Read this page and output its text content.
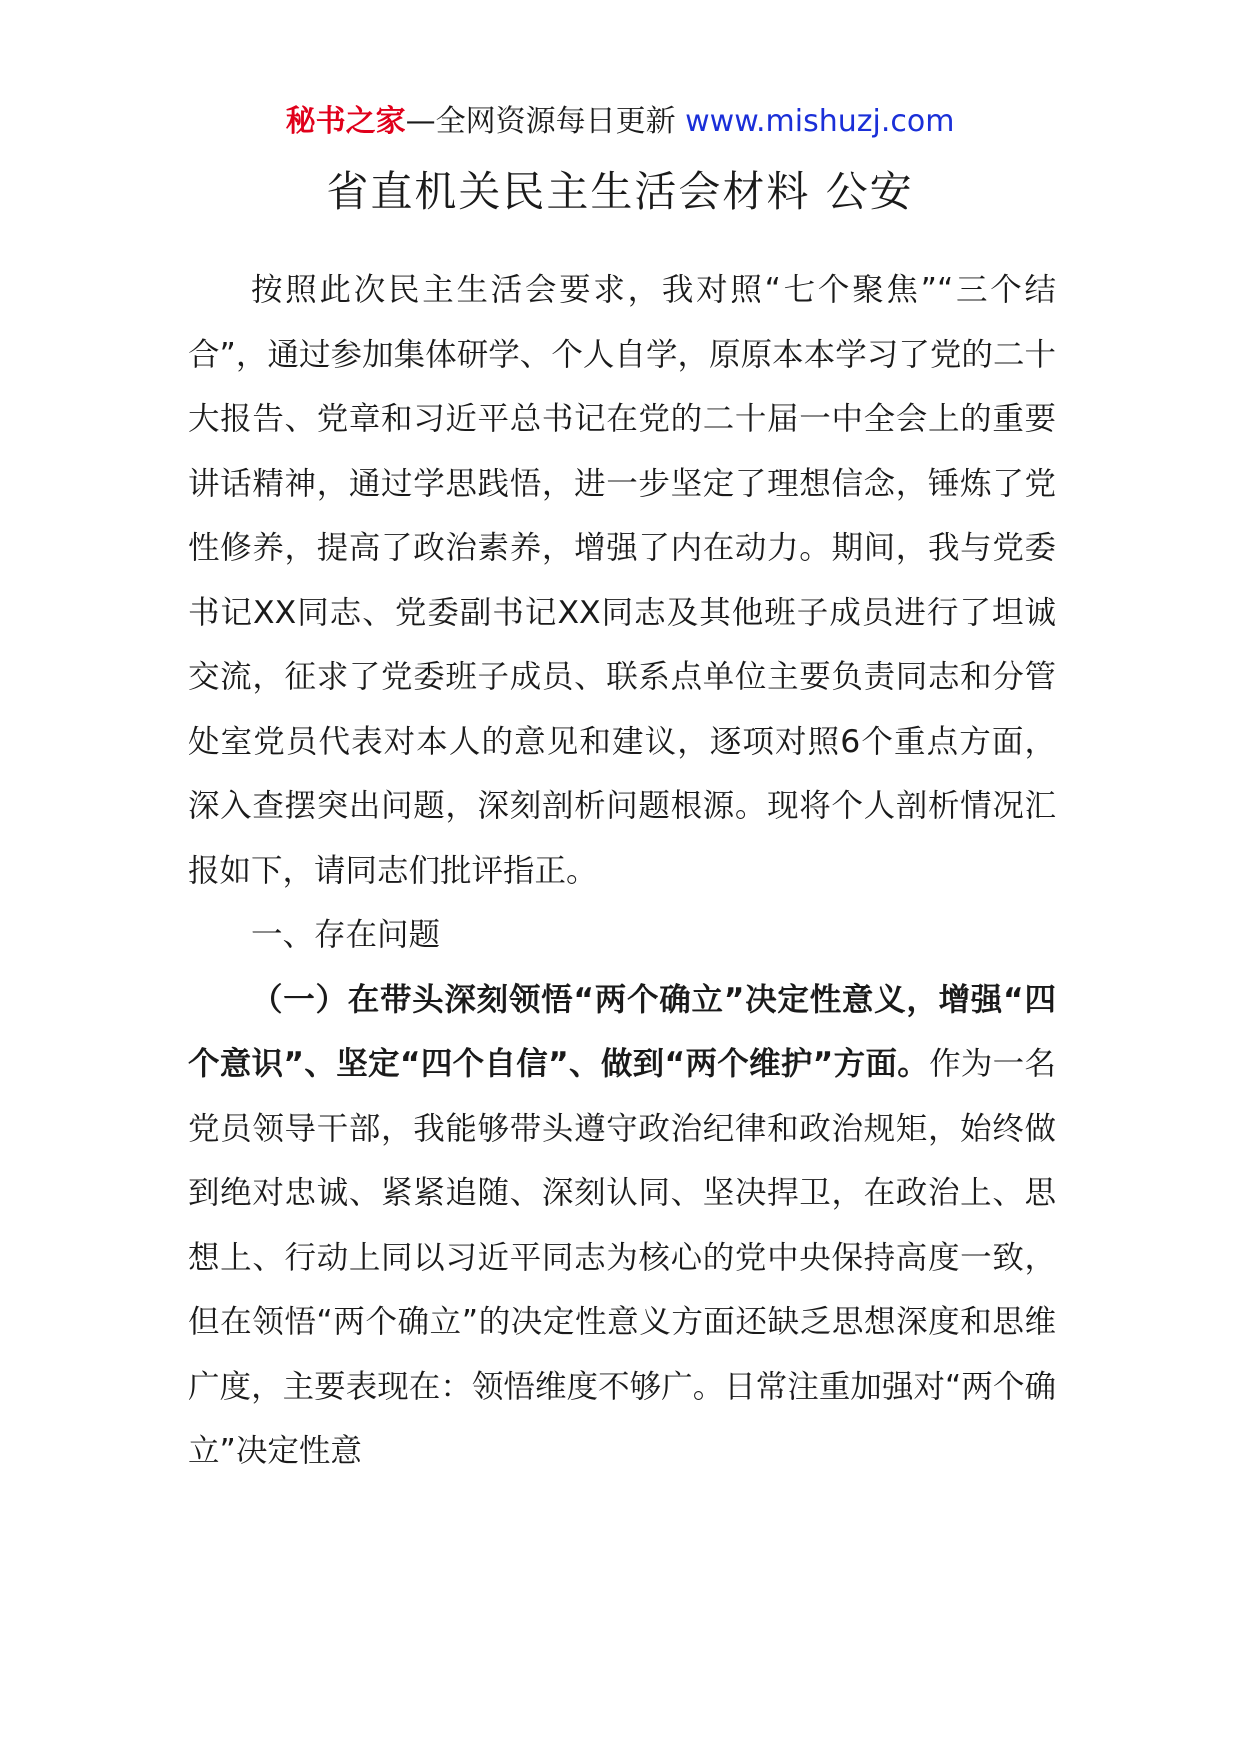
秘书之家—全网资源每日更新 www.mishuzj.com
省直机关民主生活会材料 公安

按照此次民主生活会要求，我对照“七个聚焦”“三个结合”，通过参加集体研学、个人自学，原原本本学习了党的二十大报告、党章和习近平总书记在党的二十届一中全会上的重要讲话精神，通过学思践悟，进一步坚定了理想信念，锤炼了党性修养，提高了政治素养，增强了内在动力。期间，我与党委书记XX同志、党委副书记XX同志及其他班子成员进行了坦诚交流，征求了党委班子成员、联系点单位主要负责同志和分管处室党员代表对本人的意见和建议，逐项对照6个重点方面，深入查摆突出问题，深刻剖析问题根源。现将个人剖析情况汇报如下，请同志们批评指正。

一、存在问题

（一）在带头深刻领悟“两个确立”决定性意义，增强“四个意识”、坚定“四个自信”、做到“两个维护”方面。作为一名党员领导干部，我能够带头遵守政治纪律和政治规矩，始终做到绝对忠诚、紧紧追随、深刻认同、坚决捍卫，在政治上、思想上、行动上同以习近平同志为核心的党中央保持高度一致，但在领悟“两个确立”的决定性意义方面还缺乏思想深度和思维广度，主要表现在：领悟维度不够广。日常注重加强对“两个确立”决定性意
